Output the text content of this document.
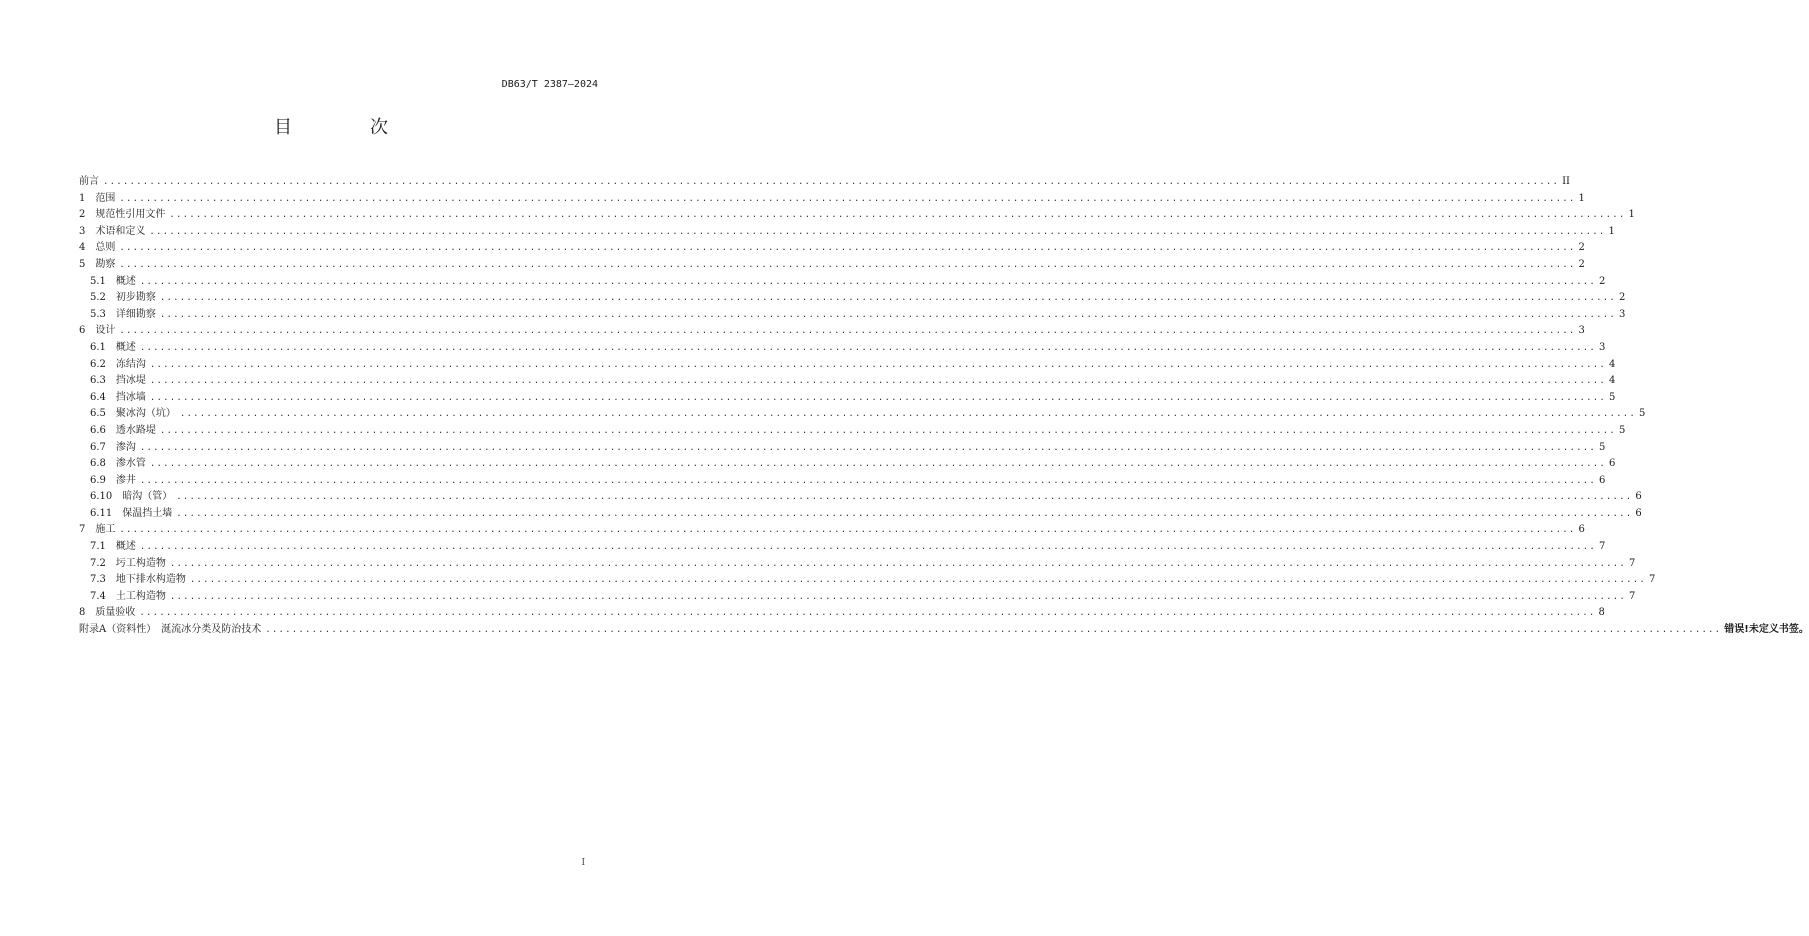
DB63/T 2387—2024
目　次
前言 ............................................................................................................................................................................................................................ II
1 范围 ............................................................................................................................................................................................................................ 1
2 规范性引用文件 ............................................................................................................................................................................................................................ 1
3 术语和定义 ............................................................................................................................................................................................................................ 1
4 总则 ............................................................................................................................................................................................................................ 2
5 勘察 ............................................................................................................................................................................................................................ 2
5.1 概述 ............................................................................................................................................................................................................................ 2
5.2 初步勘察 ............................................................................................................................................................................................................................ 2
5.3 详细勘察 ............................................................................................................................................................................................................................ 3
6 设计 ............................................................................................................................................................................................................................ 3
6.1 概述 ............................................................................................................................................................................................................................ 3
6.2 冻结沟 ............................................................................................................................................................................................................................ 4
6.3 挡冰堤 ............................................................................................................................................................................................................................ 4
6.4 挡冰墙 ............................................................................................................................................................................................................................ 5
6.5 聚冰沟（坑） ............................................................................................................................................................................................................................ 5
6.6 透水路堤 ............................................................................................................................................................................................................................ 5
6.7 渗沟 ............................................................................................................................................................................................................................ 5
6.8 渗水管 ............................................................................................................................................................................................................................ 6
6.9 渗井 ............................................................................................................................................................................................................................ 6
6.10 暗沟（管） ............................................................................................................................................................................................................................ 6
6.11 保温挡土墙 ............................................................................................................................................................................................................................ 6
7 施工 ............................................................................................................................................................................................................................ 6
7.1 概述 ............................................................................................................................................................................................................................ 7
7.2 圬工构造物 ............................................................................................................................................................................................................................ 7
7.3 地下排水构造物 ............................................................................................................................................................................................................................ 7
7.4 土工构造物 ............................................................................................................................................................................................................................ 7
8 质量验收 ............................................................................................................................................................................................................................ 8
附录A（资料性）　涎流冰分类及防治技术 ............................................................................................................................................................................................................................ 错误!未定义书签。
I
